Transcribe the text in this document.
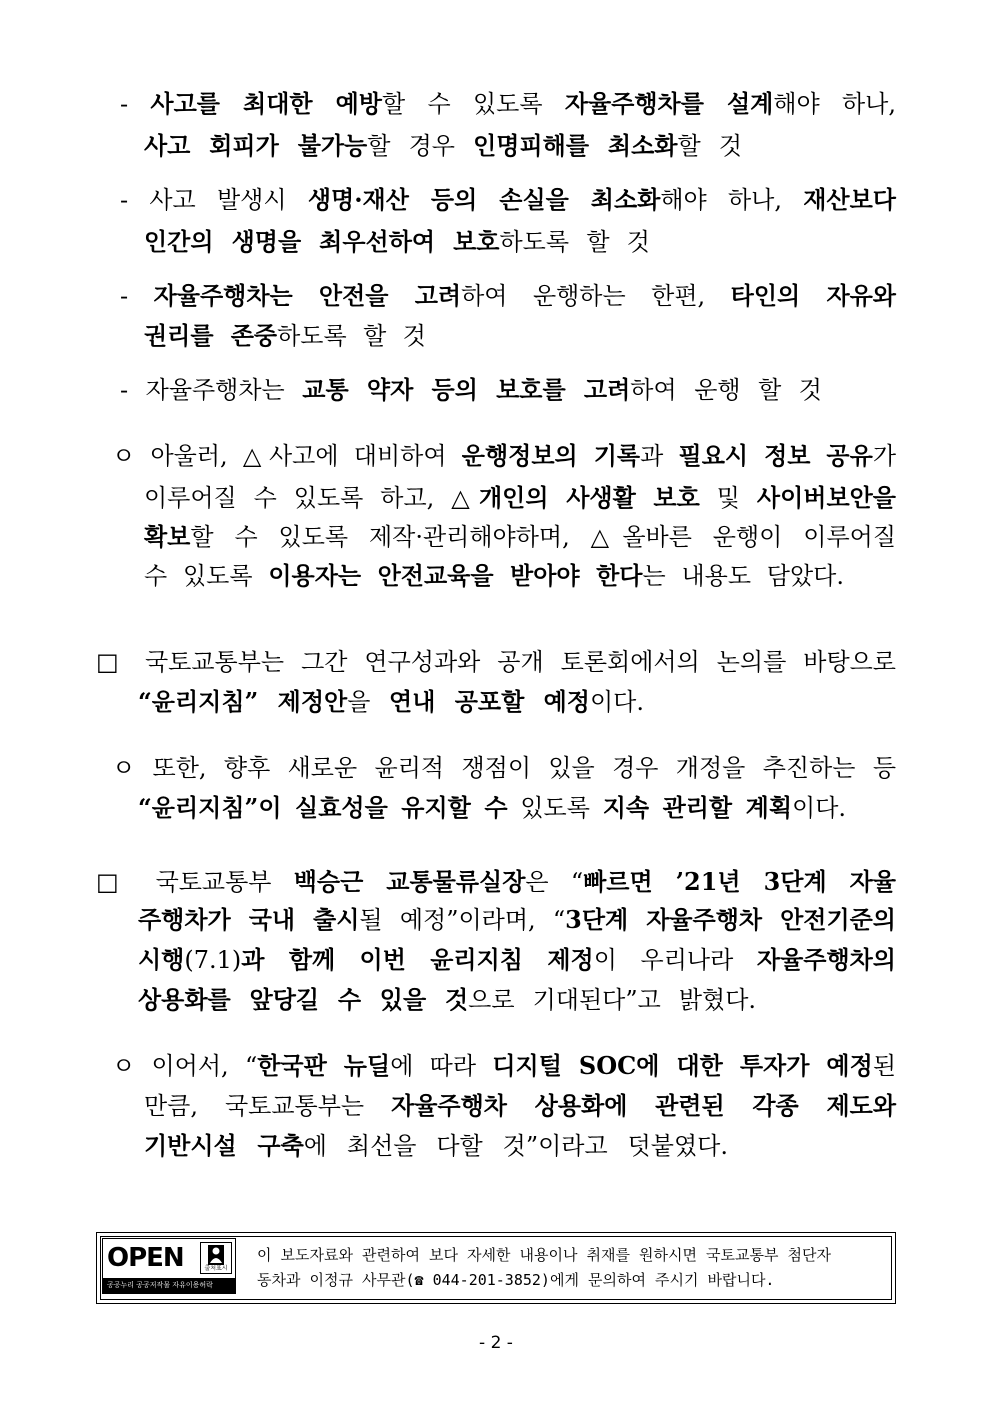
- 사고를 최대한 예방할 수 있도록 자율주행차를 설계해야 하나,
사고 회피가 불가능할 경우 인명피해를 최소화할 것
- 사고 발생시 생명·재산 등의 손실을 최소화해야 하나, 재산보다
인간의 생명을 최우선하여 보호하도록 할 것
- 자율주행차는 안전을 고려하여 운행하는 한편, 타인의 자유와
권리를 존중하도록 할 것
- 자율주행차는 교통 약자 등의 보호를 고려하여 운행 할 것
ㅇ 아울러, △사고에 대비하여 운행정보의 기록과 필요시 정보 공유가
이루어질 수 있도록 하고, △개인의 사생활 보호 및 사이버보안을
확보할 수 있도록 제작·관리해야하며, △올바른 운행이 이루어질
수 있도록 이용자는 안전교육을 받아야 한다는 내용도 담았다.
□ 국토교통부는 그간 연구성과와 공개 토론회에서의 논의를 바탕으로
“윤리지침” 제정안을 연내 공포할 예정이다.
ㅇ 또한, 향후 새로운 윤리적 쟁점이 있을 경우 개정을 추진하는 등
“윤리지침”이 실효성을 유지할 수 있도록 지속 관리할 계획이다.
□ 국토교통부 백승근 교통물류실장은 “빠르면 ’21년 3단계 자율
주행차가 국내 출시될 예정”이라며, “3단계 자율주행차 안전기준의
시행(7.1)과 함께 이번 윤리지침 제정이 우리나라 자율주행차의
상용화를 앞당길 수 있을 것으로 기대된다”고 밝혔다.
ㅇ 이어서, “한국판 뉴딜에 따라 디지털 SOC에 대한 투자가 예정된
만큼, 국토교통부는 자율주행차 상용화에 관련된 각종 제도와
기반시설 구축에 최선을 다할 것”이라고 덧붙였다.
OPEN	출처표시
공공누리 공공저작물 자유이용허락
이 보도자료와 관련하여 보다 자세한 내용이나 취재를 원하시면 국토교통부 첨단자
동차과 이정규 사무관(☎ 044-201-3852)에게 문의하여 주시기 바랍니다.
- 2 -
